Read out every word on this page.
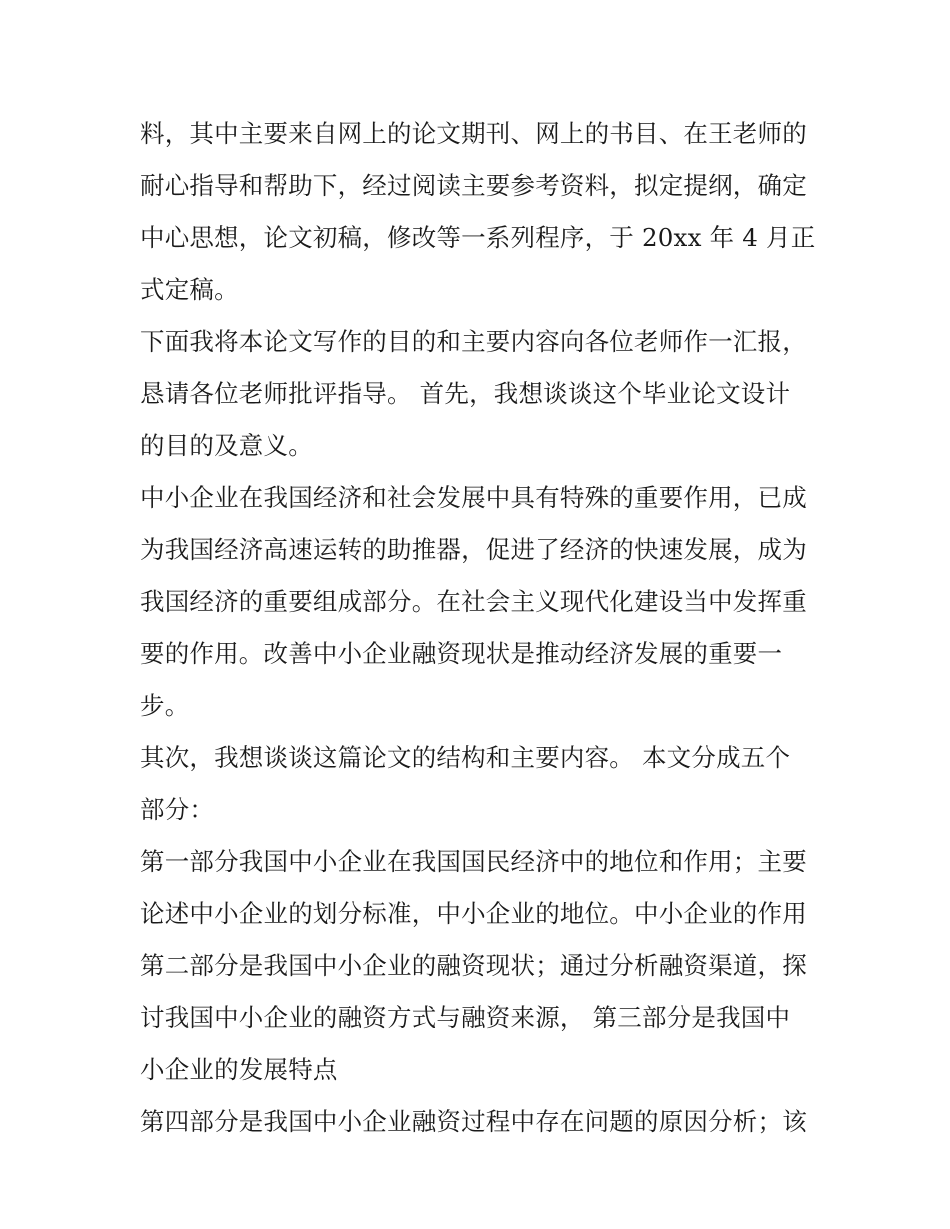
料，其中主要来自网上的论文期刊、网上的书目、在王老师的
耐心指导和帮助下，经过阅读主要参考资料，拟定提纲，确定
中心思想，论文初稿，修改等一系列程序，于 20xx 年 4 月正
式定稿。
下面我将本论文写作的目的和主要内容向各位老师作一汇报，
恳请各位老师批评指导。 首先，我想谈谈这个毕业论文设计
的目的及意义。
中小企业在我国经济和社会发展中具有特殊的重要作用，已成
为我国经济高速运转的助推器，促进了经济的快速发展，成为
我国经济的重要组成部分。在社会主义现代化建设当中发挥重
要的作用。改善中小企业融资现状是推动经济发展的重要一
步。
其次，我想谈谈这篇论文的结构和主要内容。 本文分成五个
部分：
第一部分我国中小企业在我国国民经济中的地位和作用；主要
论述中小企业的划分标准，中小企业的地位。中小企业的作用
第二部分是我国中小企业的融资现状；通过分析融资渠道，探
讨我国中小企业的融资方式与融资来源， 第三部分是我国中
小企业的发展特点
第四部分是我国中小企业融资过程中存在问题的原因分析；该
